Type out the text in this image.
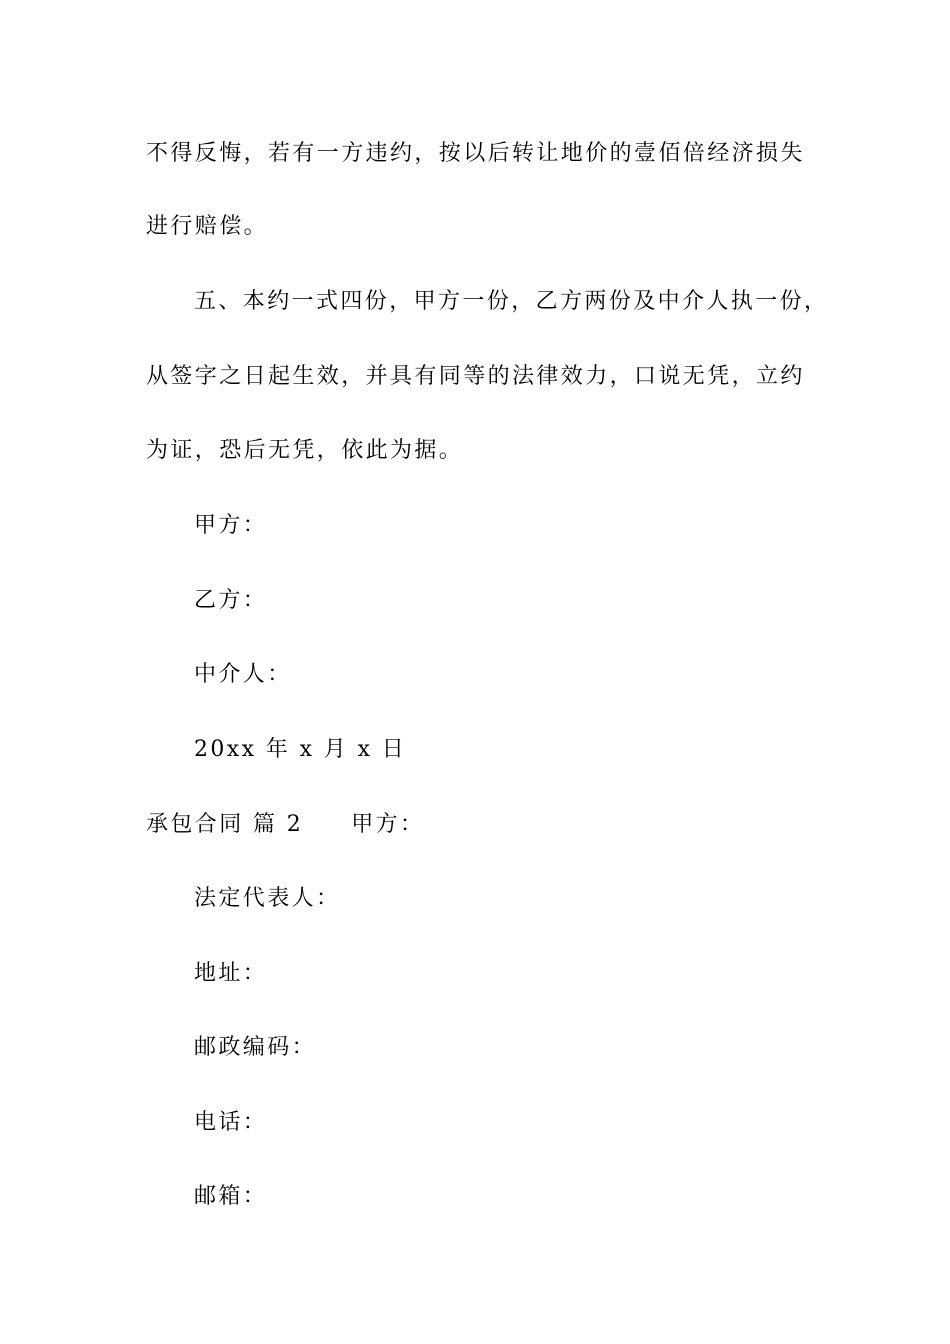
不得反悔，若有一方违约，按以后转让地价的壹佰倍经济损失
进行赔偿。
五、本约一式四份，甲方一份，乙方两份及中介人执一份，
从签字之日起生效，并具有同等的法律效力，口说无凭，立约
为证，恐后无凭，依此为据。
甲方：
乙方：
中介人：
20xx 年 x 月 x 日
承包合同 篇 2 甲方：
法定代表人：
地址：
邮政编码：
电话：
邮箱：
